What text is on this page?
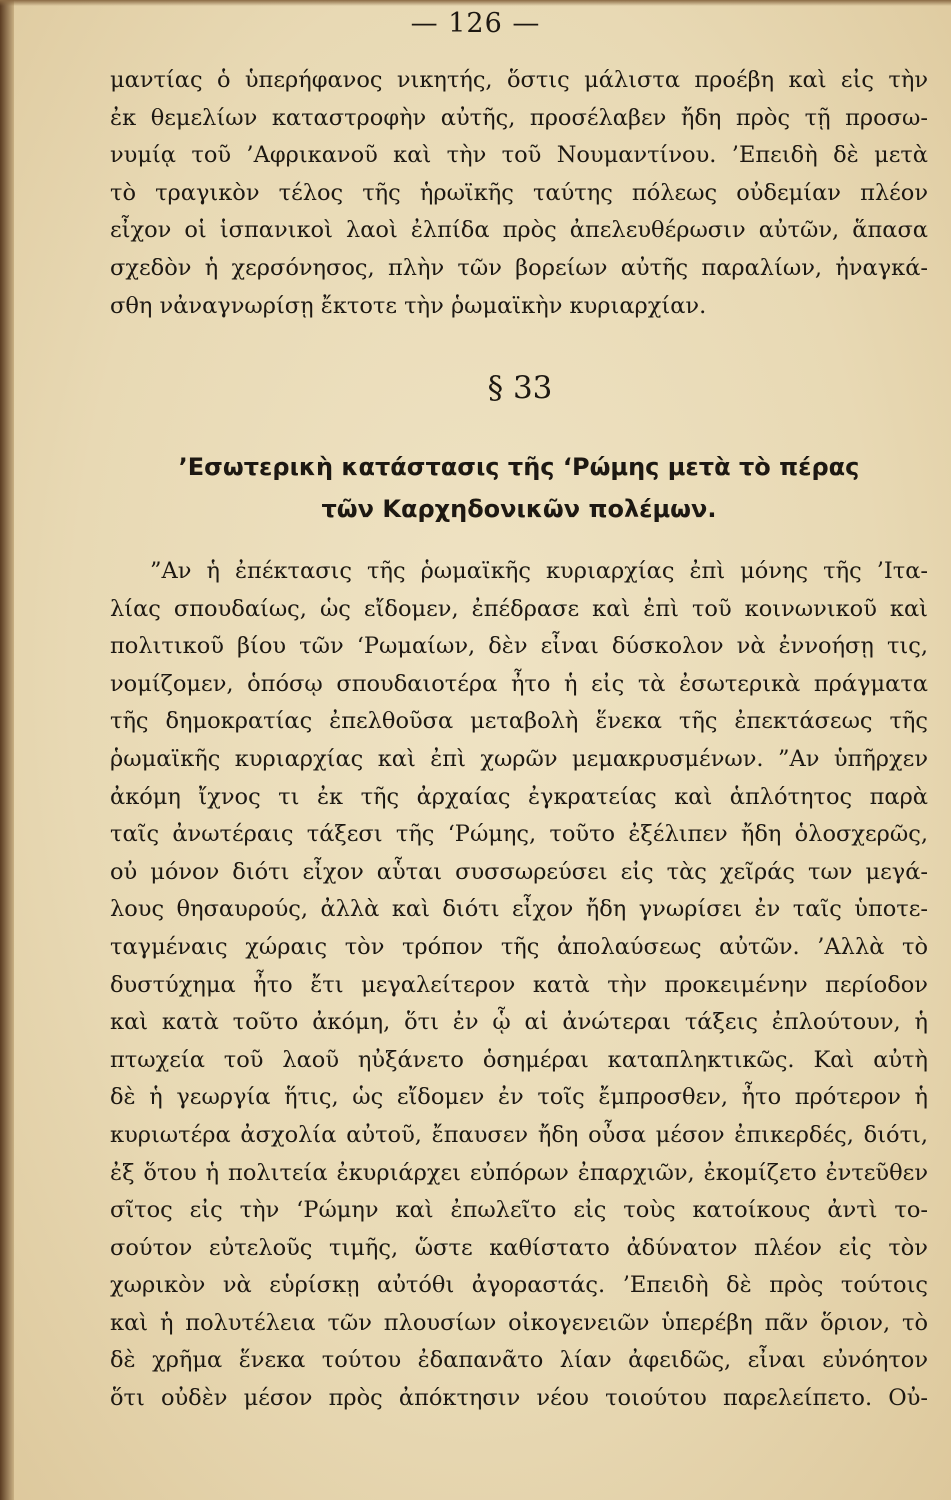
— 126 —
μαντίας ὁ ὑπερήφανος νικητής, ὅστις μάλιστα προέβη καὶ εἰς τὴν
ἐκ θεμελίων καταστροφὴν αὐτῆς, προσέλαβεν ἤδη πρὸς τῇ προσω-
νυμίᾳ τοῦ ’Αφρικανοῦ καὶ τὴν τοῦ Νουμαντίνου. ’Επειδὴ δὲ μετὰ
τὸ τραγικὸν τέλος τῆς ἡρωϊκῆς ταύτης πόλεως οὐδεμίαν πλέον
εἶχον οἱ ἱσπανικοὶ λαοὶ ἐλπίδα πρὸς ἀπελευθέρωσιν αὐτῶν, ἅπασα
σχεδὸν ἡ χερσόνησος, πλὴν τῶν βορείων αὐτῆς παραλίων, ἠναγκά-
σθη νἀναγνωρίσῃ ἔκτοτε τὴν ῥωμαϊκὴν κυριαρχίαν.
§ 33
’Εσωτερικὴ κατάστασις τῆς ‘Ρώμης μετὰ τὸ πέρας
τῶν Καρχηδονικῶν πολέμων.
”Αν ἡ ἐπέκτασις τῆς ῥωμαϊκῆς κυριαρχίας ἐπὶ μόνης τῆς ’Ιτα-
λίας σπουδαίως, ὡς εἴδομεν, ἐπέδρασε καὶ ἐπὶ τοῦ κοινωνικοῦ καὶ
πολιτικοῦ βίου τῶν ‘Ρωμαίων, δὲν εἶναι δύσκολον νὰ ἐννοήσῃ τις,
νομίζομεν, ὁπόσῳ σπουδαιοτέρα ἦτο ἡ εἰς τὰ ἐσωτερικὰ πράγματα
τῆς δημοκρατίας ἐπελθοῦσα μεταβολὴ ἕνεκα τῆς ἐπεκτάσεως τῆς
ῥωμαϊκῆς κυριαρχίας καὶ ἐπὶ χωρῶν μεμακρυσμένων. ”Αν ὑπῆρχεν
ἀκόμη ἴχνος τι ἐκ τῆς ἀρχαίας ἐγκρατείας καὶ ἁπλότητος παρὰ
ταῖς ἀνωτέραις τάξεσι τῆς ‘Ρώμης, τοῦτο ἐξέλιπεν ἤδη ὁλοσχερῶς,
οὐ μόνον διότι εἶχον αὗται συσσωρεύσει εἰς τὰς χεῖράς των μεγά-
λους θησαυρούς, ἀλλὰ καὶ διότι εἶχον ἤδη γνωρίσει ἐν ταῖς ὑποτε-
ταγμέναις χώραις τὸν τρόπον τῆς ἀπολαύσεως αὐτῶν. ’Αλλὰ τὸ
δυστύχημα ἦτο ἔτι μεγαλείτερον κατὰ τὴν προκειμένην περίοδον
καὶ κατὰ τοῦτο ἀκόμη, ὅτι ἐν ᾧ αἱ ἀνώτεραι τάξεις ἐπλούτουν, ἡ
πτωχεία τοῦ λαοῦ ηὐξάνετο ὁσημέραι καταπληκτικῶς. Καὶ αὐτὴ
δὲ ἡ γεωργία ἥτις, ὡς εἴδομεν ἐν τοῖς ἔμπροσθεν, ἦτο πρότερον ἡ
κυριωτέρα ἀσχολία αὐτοῦ, ἔπαυσεν ἤδη οὖσα μέσον ἐπικερδές, διότι,
ἐξ ὅτου ἡ πολιτεία ἐκυριάρχει εὐπόρων ἐπαρχιῶν, ἐκομίζετο ἐντεῦθεν
σῖτος εἰς τὴν ‘Ρώμην καὶ ἐπωλεῖτο εἰς τοὺς κατοίκους ἀντὶ το-
σούτον εὐτελοῦς τιμῆς, ὥστε καθίστατο ἀδύνατον πλέον εἰς τὸν
χωρικὸν νὰ εὑρίσκῃ αὐτόθι ἀγοραστάς. ’Επειδὴ δὲ πρὸς τούτοις
καὶ ἡ πολυτέλεια τῶν πλουσίων οἰκογενειῶν ὑπερέβη πᾶν ὅριον, τὸ
δὲ χρῆμα ἕνεκα τούτου ἐδαπανᾶτο λίαν ἀφειδῶς, εἶναι εὐνόητον
ὅτι οὐδὲν μέσον πρὸς ἀπόκτησιν νέου τοιούτου παρελείπετο. Οὐ-
